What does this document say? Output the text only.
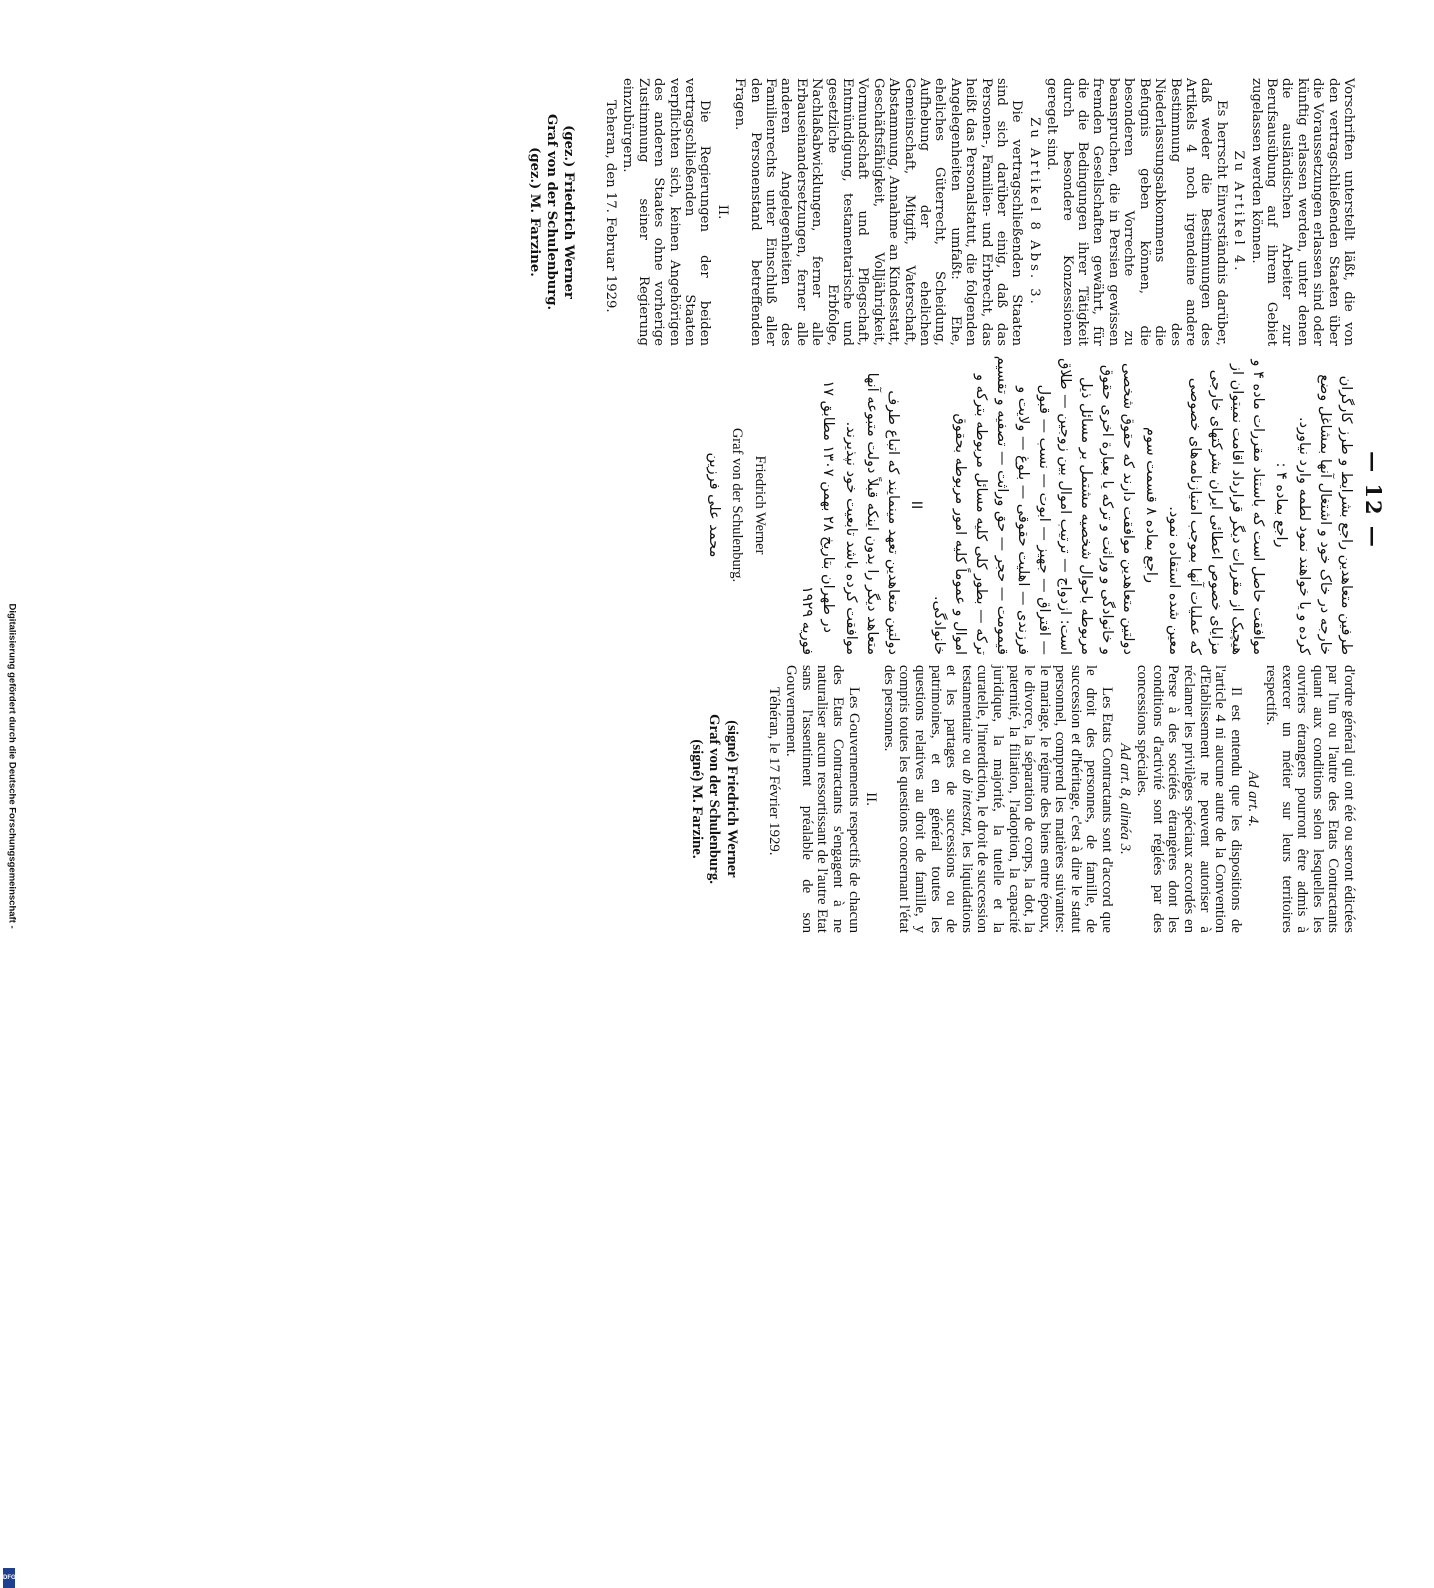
— 12 —

Vorschriften unterstellt läßt, die von den vertragschließenden Staaten über die Voraussetzungen erlassen sind oder künftig erlassen werden, unter denen die ausländischen Arbeiter zur Berufsausübung auf ihrem Gebiet zugelassen werden können.

Zu Artikel 4.

Es herrscht Einverständnis darüber, daß weder die Bestimmungen des Artikels 4 noch irgendeine andere Bestimmung des Niederlassungsabkommens die Befugnis geben können, die besonderen Vorrechte zu beanspruchen, die in Persien gewissen fremden Gesellschaften gewährt, für die die Bedingungen ihrer Tätigkeit durch besondere Konzessionen geregelt sind.

Zu Artikel 8 Abs. 3.

Die vertragschließenden Staaten sind sich darüber einig, daß das Personen-, Familien- und Erbrecht, das heißt das Personalstatut, die folgenden Angelegenheiten umfaßt: Ehe, eheliches Güterrecht, Scheidung, Aufhebung der ehelichen Gemeinschaft, Mitgift, Vaterschaft, Abstammung, Annahme an Kindesstatt, Geschäftsfähigkeit, Volljährigkeit, Vormundschaft und Pflegschaft, Entmündigung, testamentarische und gesetzliche Erbfolge, Nachlaßabwicklungen, ferner alle Erbauseinandersetzungen, ferner alle anderen Angelegenheiten des Familienrechts unter Einschluß aller den Personenstand betreffenden Fragen.

II.

Die Regierungen der beiden vertragschließenden Staaten verpflichten sich, keinen Angehörigen des anderen Staates ohne vorherige Zustimmung seiner Regierung einzubürgern.

Teheran, den 17. Februar 1929.

(gez.) Friedrich Werner

Graf von der Schulenburg.

(gez.) M. Farzine.

طرفین متعاهدین راجع بشرایط و طرز کارگران خارجه در خاک خود و اشتغال آنها بمشاغل وضع کرده و یا خواهند نمود لطمه وارد نیاورد.

راجع بماده ۴ :

موافقت حاصل است که باستناد مقررات ماده ۴ و هیچیک از مقررات دیگر قرارداد اقامت نمیتوان از مزایای خصوص اعطائی ایران بشرکتهای خارجی که عملیات آنها بموجب امتیازنامه‌های خصوصی معین شده استفاده نمود.

راجع بماده ۸ قسمت سوم

دولتین متعاهدین موافقت دارند که حقوق شخصی و خانوادگی و وراثت و ترکه یا بعبارة اخری حقوق مربوطه باحوال شخصیه مشتمل بر مسائل ذیل است: ازدواج — ترتیب اموال بین زوجین — طلاق — افتراق — جهیز — ابوت — نسب — قبول فرزندی — اهلیت حقوقی — بلوغ — ولایت و قیمومت — حجر — حق وراثت — تصفیه و تقسیم ترکه — بطور کلی کلیه مسائل مربوطه بترکه و اموال و عموماً کلیه امور مربوطه بحقوق خانوادگی.

II

دولتین متعاهدین تعهد مینمایند که اتباع طرف متعاهد دیگر را بدون اینکه قبلاً دولت متبوعه آنها موافقت کرده باشد تابعیت خود نپذیرند.

در طهران بتاریخ ۲۸ بهمن ۱۳۰۷ مطابق ۱۷ فوریه ۱۹۲۹

Friedrich Werner

Graf von der Schulenburg.

محمد علی فرزین

d'ordre général qui ont été ou seront édictées par l'un ou l'autre des Etats Contractants quant aux conditions selon lesquelles les ouvriers étrangers pourront être admis à exercer un métier sur leurs territoires respectifs.

Ad art. 4.

Il est entendu que les dispositions de l'article 4 ni aucune autre de la Convention d'Etablissement ne peuvent autoriser à réclamer les privilèges spéciaux accordés en Perse à des sociétés étrangères dont les conditions d'activité sont réglées par des concessions spéciales.

Ad art. 8, alinéa 3.

Les Etats Contractants sont d'accord que le droit des personnes, de famille, de succession et d'héritage, c'est à dire le statut personnel, comprend les matières suivantes: le mariage, le régime des biens entre époux, le divorce, la séparation de corps, la dot, la paternité, la filiation, l'adoption, la capacité juridique, la majorité, la tutelle et la curatelle, l'interdiction, le droit de succession testamentaire ou ab intestat, les liquidations et les partages de successions ou de patrimoines, et en général toutes les questions relatives au droit de famille, y compris toutes les questions concernant l'état des personnes.

II.

Les Gouvernements respectifs de chacun des Etats Contractants s'engagent à ne naturaliser aucun ressortissant de l'autre Etat sans l'assentiment préalable de son Gouvernement.

Téhéran, le 17 Février 1929.

(signé) Friedrich Werner

Graf von der Schulenburg.

(signé) M. Farzine.

Digitalisierung gefördert durch die Deutsche Forschungsgemeinschaft -
DFG
